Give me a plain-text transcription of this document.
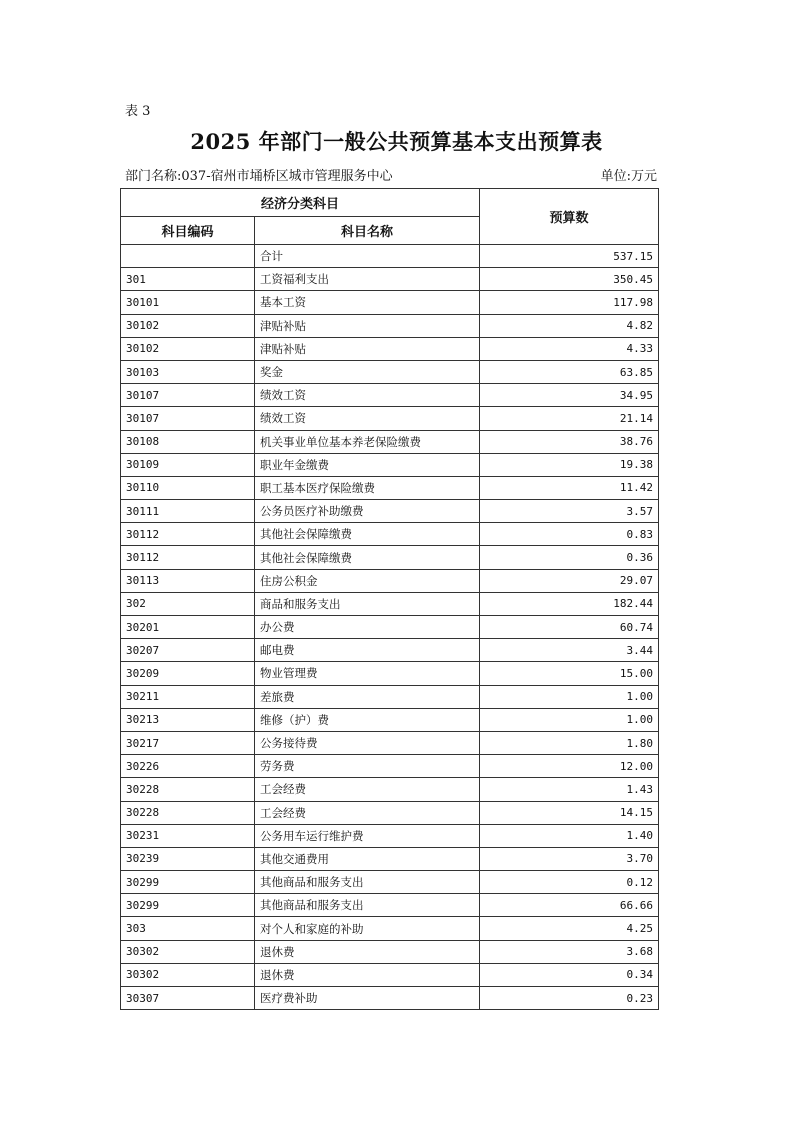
表 3
2025 年部门一般公共预算基本支出预算表
部门名称:037-宿州市埇桥区城市管理服务中心	单位:万元
经济分类科目		预算数
科目编码	科目名称	
	合计	537.15
301	工资福利支出	350.45
30101	基本工资	117.98
30102	津贴补贴	4.82
30102	津贴补贴	4.33
30103	奖金	63.85
30107	绩效工资	34.95
30107	绩效工资	21.14
30108	机关事业单位基本养老保险缴费	38.76
30109	职业年金缴费	19.38
30110	职工基本医疗保险缴费	11.42
30111	公务员医疗补助缴费	3.57
30112	其他社会保障缴费	0.83
30112	其他社会保障缴费	0.36
30113	住房公积金	29.07
302	商品和服务支出	182.44
30201	办公费	60.74
30207	邮电费	3.44
30209	物业管理费	15.00
30211	差旅费	1.00
30213	维修（护）费	1.00
30217	公务接待费	1.80
30226	劳务费	12.00
30228	工会经费	1.43
30228	工会经费	14.15
30231	公务用车运行维护费	1.40
30239	其他交通费用	3.70
30299	其他商品和服务支出	0.12
30299	其他商品和服务支出	66.66
303	对个人和家庭的补助	4.25
30302	退休费	3.68
30302	退休费	0.34
30307	医疗费补助	0.23
